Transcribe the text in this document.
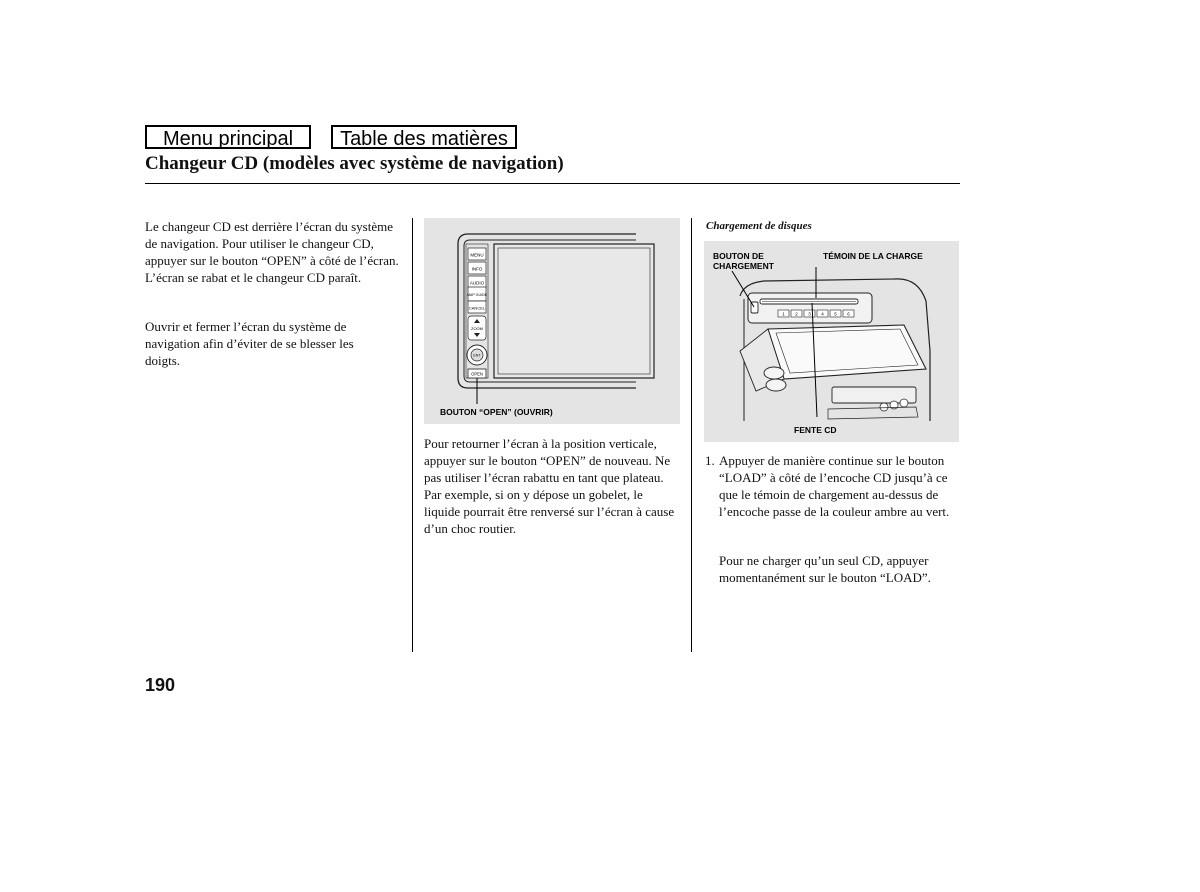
Menu principal	Table des matières
Changeur CD (modèles avec système de navigation)

Le changeur CD est derrière l’écran du système de navigation. Pour utiliser le changeur CD, appuyer sur le bouton “OPEN” à côté de l’écran. L’écran se rabat et le changeur CD paraît.

Ouvrir et fermer l’écran du système de navigation afin d’éviter de se blesser les doigts.

MENU
INFO
AUDIO
MAP GUIDE
CANCEL
ZOOM
ENT
OPEN
BOUTON “OPEN” (OUVRIR)

Pour retourner l’écran à la position verticale, appuyer sur le bouton “OPEN” de nouveau. Ne pas utiliser l’écran rabattu en tant que plateau. Par exemple, si on y dépose un gobelet, le liquide pourrait être renversé sur l’écran à cause d’un choc routier.

Chargement de disques
BOUTON DE
CHARGEMENT
TÉMOIN DE LA CHARGE
1 2 3 4 5 6
FENTE CD
1. Appuyer de manière continue sur le bouton “LOAD” à côté de l’encoche CD jusqu’à ce que le témoin de chargement au-dessus de l’encoche passe de la couleur ambre au vert.

Pour ne charger qu’un seul CD, appuyer momentanément sur le bouton “LOAD”.

190
